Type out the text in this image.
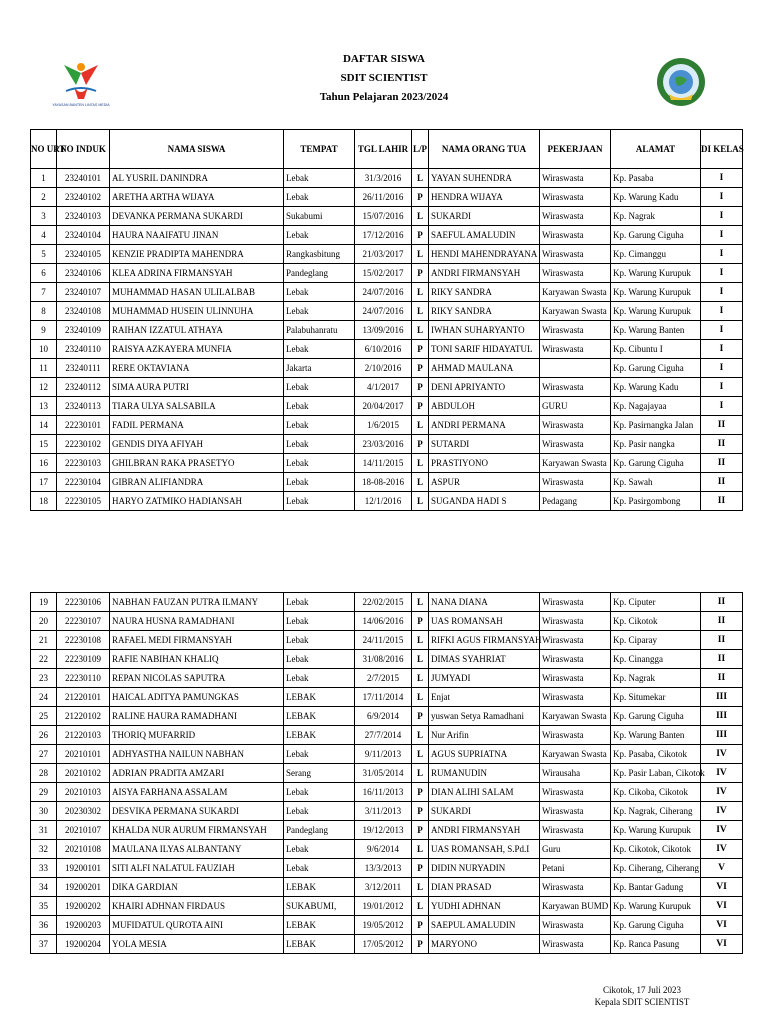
YAYASAN BANTEN LINTAS MEDIA
DAFTAR SISWA
SDIT SCIENTIST
Tahun Pelajaran 2023/2024
NO URT	NO INDUK	NAMA SISWA	TEMPAT	TGL LAHIR	L/P	NAMA ORANG TUA	PEKERJAAN	ALAMAT	DI KELAS
1	23240101	AL YUSRIL DANINDRA	Lebak	31/3/2016	L	YAYAN SUHENDRA	Wiraswasta	Kp. Pasaba	I
2	23240102	ARETHA ARTHA WIJAYA	Lebak	26/11/2016	P	HENDRA WIJAYA	Wiraswasta	Kp. Warung Kadu	I
3	23240103	DEVANKA PERMANA SUKARDI	Sukabumi	15/07/2016	L	SUKARDI	Wiraswasta	Kp. Nagrak	I
4	23240104	HAURA NAAIFATU JINAN	Lebak	17/12/2016	P	SAEFUL AMALUDIN	Wiraswasta	Kp. Garung Ciguha	I
5	23240105	KENZIE PRADIPTA MAHENDRA	Rangkasbitung	21/03/2017	L	HENDI MAHENDRAYANA	Wiraswasta	Kp. Cimanggu	I
6	23240106	KLEA ADRINA FIRMANSYAH	Pandeglang	15/02/2017	P	ANDRI FIRMANSYAH	Wiraswasta	Kp. Warung Kurupuk	I
7	23240107	MUHAMMAD HASAN ULILALBAB	Lebak	24/07/2016	L	RIKY SANDRA	Karyawan Swasta	Kp. Warung Kurupuk	I
8	23240108	MUHAMMAD HUSEIN ULINNUHA	Lebak	24/07/2016	L	RIKY SANDRA	Karyawan Swasta	Kp. Warung Kurupuk	I
9	23240109	RAIHAN IZZATUL ATHAYA	Palabuhanratu	13/09/2016	L	IWHAN SUHARYANTO	Wiraswasta	Kp. Warung Banten	I
10	23240110	RAISYA AZKAYERA MUNFIA	Lebak	6/10/2016	P	TONI SARIF HIDAYATUL	Wiraswasta	Kp. Cibuntu I	I
11	23240111	RERE OKTAVIANA	Jakarta	2/10/2016	P	AHMAD MAULANA		Kp. Garung Ciguha	I
12	23240112	SIMA AURA PUTRI	Lebak	4/1/2017	P	DENI APRIYANTO	Wiraswasta	Kp. Warung Kadu	I
13	23240113	TIARA ULYA SALSABILA	Lebak	20/04/2017	P	ABDULOH	GURU	Kp. Nagajayaa	I
14	22230101	FADIL PERMANA	Lebak	1/6/2015	L	ANDRI PERMANA	Wiraswasta	Kp. Pasirnangka Jalan	II
15	22230102	GENDIS DIYA AFIYAH	Lebak	23/03/2016	P	SUTARDI	Wiraswasta	Kp. Pasir nangka	II
16	22230103	GHILBRAN RAKA PRASETYO	Lebak	14/11/2015	L	PRASTIYONO	Karyawan Swasta	Kp. Garung Ciguha	II
17	22230104	GIBRAN ALIFIANDRA	Lebak	18-08-2016	L	ASPUR	Wiraswasta	Kp. Sawah	II
18	22230105	HARYO ZATMIKO HADIANSAH	Lebak	12/1/2016	L	SUGANDA HADI S	Pedagang	Kp. Pasirgombong	II
19	22230106	NABHAN FAUZAN PUTRA ILMANY	Lebak	22/02/2015	L	NANA DIANA	Wiraswasta	Kp. Ciputer	II
20	22230107	NAURA HUSNA RAMADHANI	Lebak	14/06/2016	P	UAS ROMANSAH	Wiraswasta	Kp. Cikotok	II
21	22230108	RAFAEL MEDI FIRMANSYAH	Lebak	24/11/2015	L	RIFKI AGUS FIRMANSYAH	Wiraswasta	Kp. Ciparay	II
22	22230109	RAFIE NABIHAN KHALIQ	Lebak	31/08/2016	L	DIMAS SYAHRIAT	Wiraswasta	Kp. Cinangga	II
23	22230110	REPAN NICOLAS SAPUTRA	Lebak	2/7/2015	L	JUMYADI	Wiraswasta	Kp. Nagrak	II
24	21220101	HAICAL ADITYA PAMUNGKAS	LEBAK	17/11/2014	L	Enjat	Wiraswasta	Kp. Situmekar	III
25	21220102	RALINE HAURA RAMADHANI	LEBAK	6/9/2014	P	yuswan Setya Ramadhani	Karyawan Swasta	Kp. Garung Ciguha	III
26	21220103	THORIQ MUFARRID	LEBAK	27/7/2014	L	Nur Arifin	Wiraswasta	Kp. Warung Banten	III
27	20210101	ADHYASTHA NAILUN NABHAN	Lebak	9/11/2013	L	AGUS SUPRIATNA	Karyawan Swasta	Kp. Pasaba, Cikotok	IV
28	20210102	ADRIAN PRADITA AMZARI	Serang	31/05/2014	L	RUMANUDIN	Wirausaha	Kp. Pasir Laban, Cikotok	IV
29	20210103	AISYA FARHANA ASSALAM	Lebak	16/11/2013	P	DIAN ALIHI SALAM	Wiraswasta	Kp. Cikoba, Cikotok	IV
30	20230302	DESVIKA PERMANA SUKARDI	Lebak	3/11/2013	P	SUKARDI	Wiraswasta	Kp. Nagrak, Ciherang	IV
31	20210107	KHALDA NUR AURUM FIRMANSYAH	Pandeglang	19/12/2013	P	ANDRI FIRMANSYAH	Wiraswasta	Kp. Warung Kurupuk	IV
32	20210108	MAULANA ILYAS ALBANTANY	Lebak	9/6/2014	L	UAS ROMANSAH, S.Pd.I	Guru	Kp. Cikotok, Cikotok	IV
33	19200101	SITI ALFI NALATUL FAUZIAH	Lebak	13/3/2013	P	DIDIN NURYADIN	Petani	Kp. Ciherang, Ciherang	V
34	19200201	DIKA GARDIAN	LEBAK	3/12/2011	L	DIAN PRASAD	Wiraswasta	Kp. Bantar Gadung	VI
35	19200202	KHAIRI ADHNAN FIRDAUS	SUKABUMI,	19/01/2012	L	YUDHI ADHNAN	Karyawan BUMD	Kp. Warung Kurupuk	VI
36	19200203	MUFIDATUL QUROTA AINI	LEBAK	19/05/2012	P	SAEPUL AMALUDIN	Wiraswasta	Kp. Garung Ciguha	VI
37	19200204	YOLA MESIA	LEBAK	17/05/2012	P	MARYONO	Wiraswasta	Kp. Ranca Pasung	VI
Cikotok, 17 Juli 2023
Kepala SDIT SCIENTIST
